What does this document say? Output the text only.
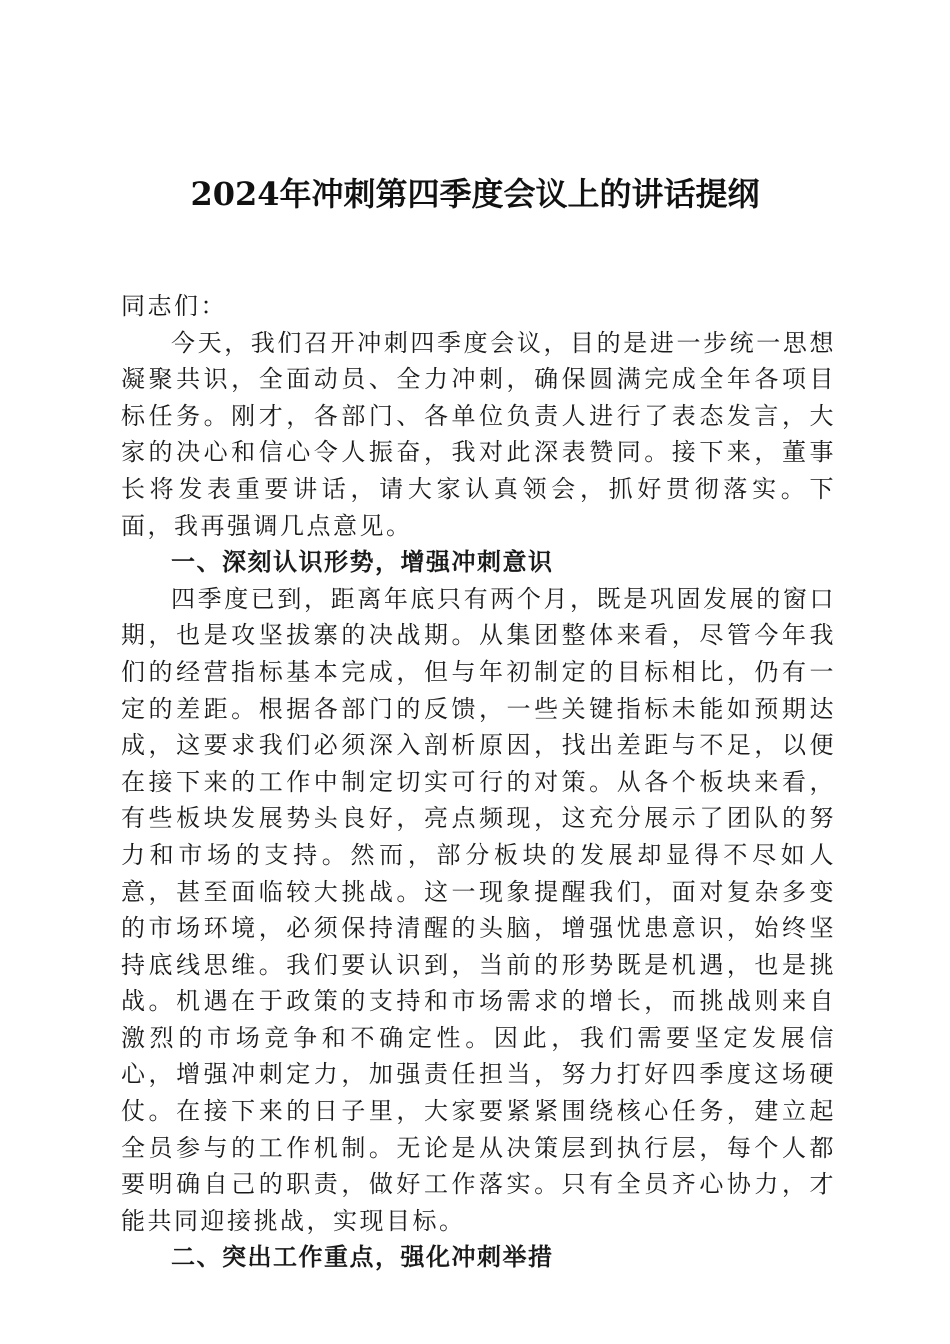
2024年冲刺第四季度会议上的讲话提纲

同志们：

今天，我们召开冲刺四季度会议，目的是进一步统一思想凝聚共识，全面动员、全力冲刺，确保圆满完成全年各项目标任务。刚才，各部门、各单位负责人进行了表态发言，大家的决心和信心令人振奋，我对此深表赞同。接下来，董事长将发表重要讲话，请大家认真领会，抓好贯彻落实。下面，我再强调几点意见。

一、深刻认识形势，增强冲刺意识

四季度已到，距离年底只有两个月，既是巩固发展的窗口期，也是攻坚拔寨的决战期。从集团整体来看，尽管今年我们的经营指标基本完成，但与年初制定的目标相比，仍有一定的差距。根据各部门的反馈，一些关键指标未能如预期达成，这要求我们必须深入剖析原因，找出差距与不足，以便在接下来的工作中制定切实可行的对策。从各个板块来看，有些板块发展势头良好，亮点频现，这充分展示了团队的努力和市场的支持。然而，部分板块的发展却显得不尽如人意，甚至面临较大挑战。这一现象提醒我们，面对复杂多变的市场环境，必须保持清醒的头脑，增强忧患意识，始终坚持底线思维。我们要认识到，当前的形势既是机遇，也是挑战。机遇在于政策的支持和市场需求的增长，而挑战则来自激烈的市场竞争和不确定性。因此，我们需要坚定发展信心，增强冲刺定力，加强责任担当，努力打好四季度这场硬仗。在接下来的日子里，大家要紧紧围绕核心任务，建立起全员参与的工作机制。无论是从决策层到执行层，每个人都要明确自己的职责，做好工作落实。只有全员齐心协力，才能共同迎接挑战，实现目标。

二、突出工作重点，强化冲刺举措
